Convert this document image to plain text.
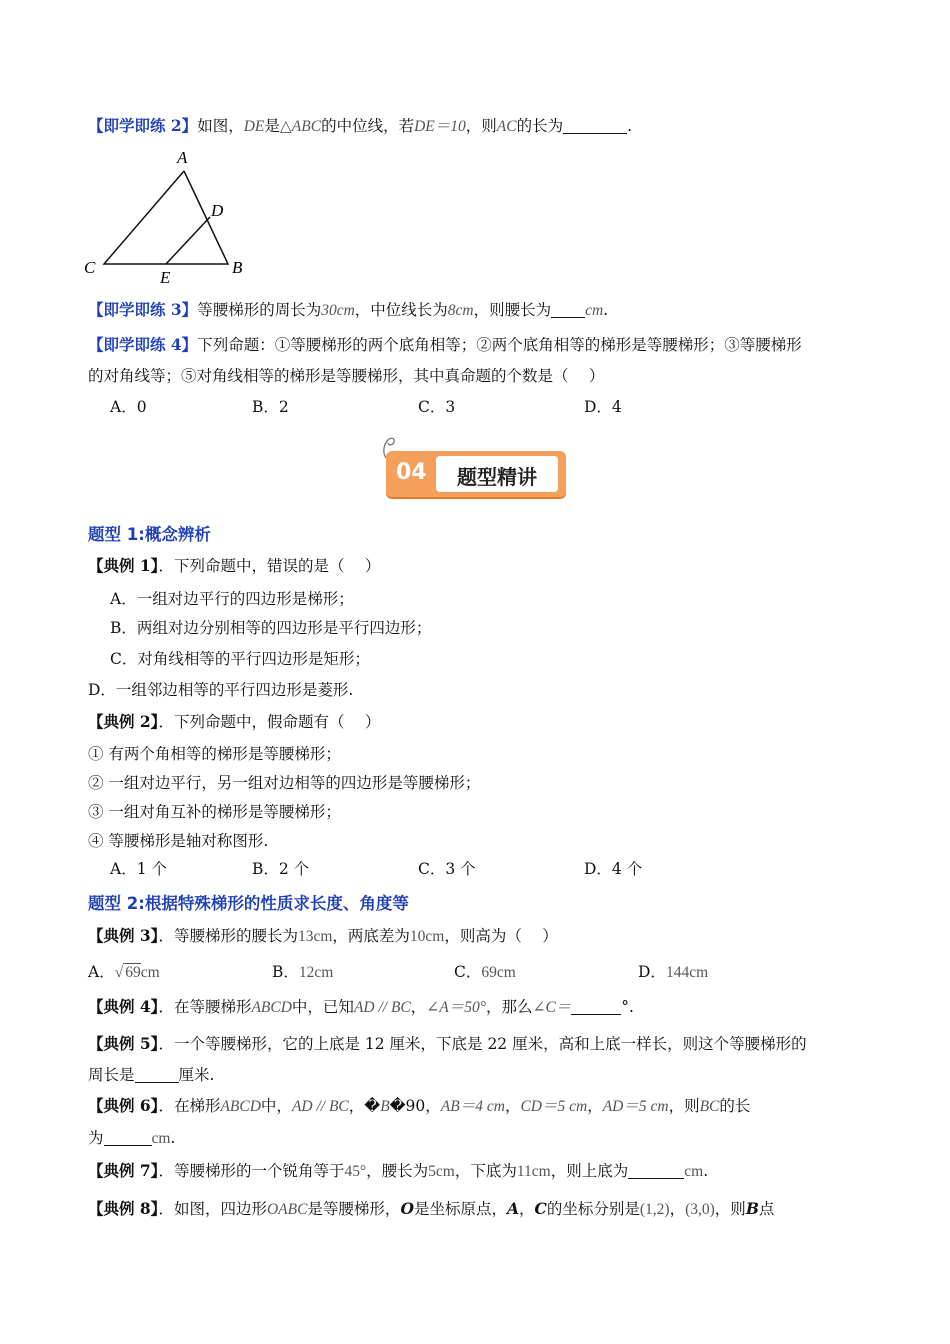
【即学即练 2】如图，DE是△ABC的中位线，若DE＝10，则AC的长为	.
A
D
C	B
E
【即学即练 3】等腰梯形的周长为30cm，中位线长为8cm，则腰长为 cm.
【即学即练 4】下列命题：①等腰梯形的两个底角相等；②两个底角相等的梯形是等腰梯形；③等腰梯形
的对角线等；⑤对角线相等的梯形是等腰梯形，其中真命题的个数是（　 ）
A．0	B．2	C．3	D．4
04	题型精讲
题型 1:概念辨析
【典例 1】．下列命题中，错误的是（　 ）
A．一组对边平行的四边形是梯形；
B．两组对边分别相等的四边形是平行四边形；
C．对角线相等的平行四边形是矩形；
D．一组邻边相等的平行四边形是菱形.
【典例 2】．下列命题中，假命题有（　 ）
① 有两个角相等的梯形是等腰梯形；
② 一组对边平行，另一组对边相等的四边形是等腰梯形；
③ 一组对角互补的梯形是等腰梯形；
④ 等腰梯形是轴对称图形.
A．1 个	B．2 个	C．3 个	D．4 个
题型 2:根据特殊梯形的性质求长度、角度等
【典例 3】．等腰梯形的腰长为13cm，两底差为10cm，则高为（　 ）
A．√ 69cm	B．12cm	C．69cm	D．144cm
【典例 4】．在等腰梯形ABCD中，已知AD // BC，∠A＝50°，那么∠C＝	°.
【典例 5】．一个等腰梯形，它的上底是 12 厘米，下底是 22 厘米，高和上底一样长，则这个等腰梯形的
周长是	厘米.
【典例 6】．在梯形ABCD中，AD // BC，�B�90，AB＝4 cm，CD＝5 cm，AD＝5 cm，则BC的长
为	cm.
【典例 7】．等腰梯形的一个锐角等于45°，腰长为5cm，下底为11cm，则上底为	cm.
【典例 8】．如图，四边形OABC是等腰梯形，O是坐标原点，A，C的坐标分别是(1,2)，(3,0)，则B点
